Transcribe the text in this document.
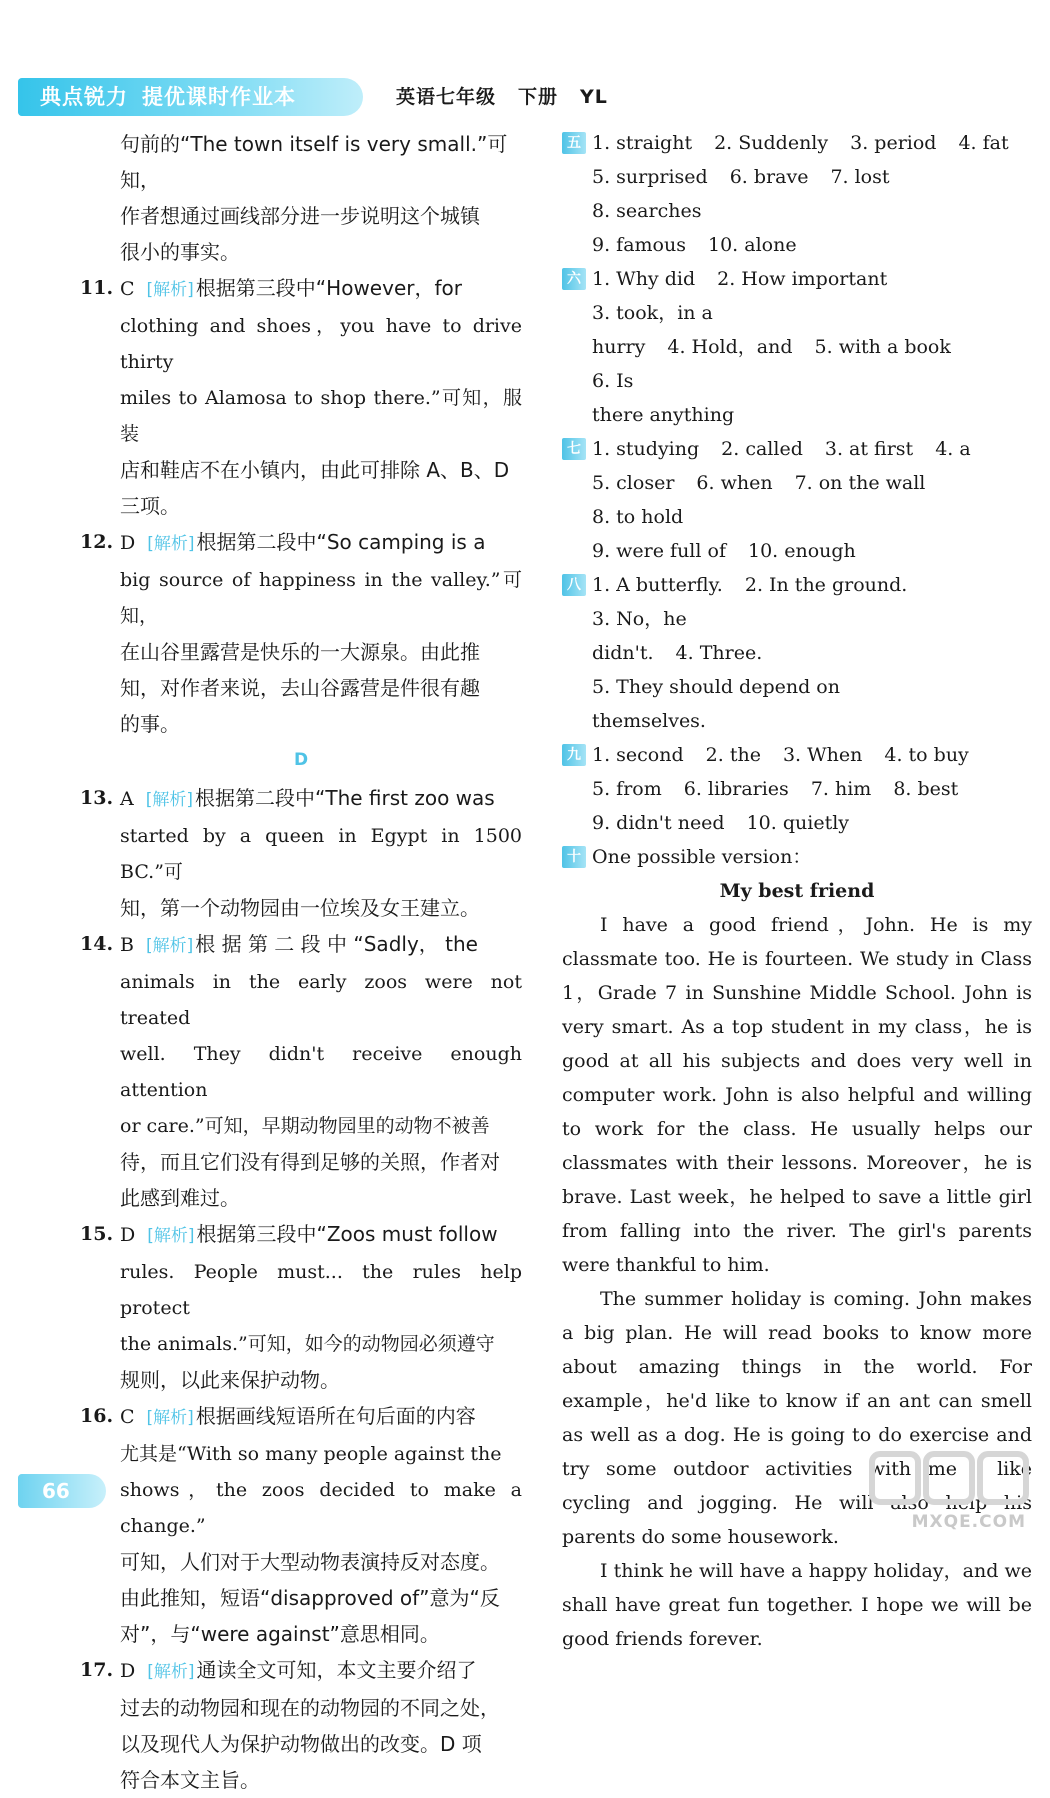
典点锐力 提优课时作业本	英语七年级 下册 YL
句前的“The town itself is very small.”可知，
作者想通过画线部分进一步说明这个城镇
很小的事实。
11. C [解析] 根据第三段中“However，for
clothing and shoes，you have to drive thirty
miles to Alamosa to shop there.”可知，服装
店和鞋店不在小镇内，由此可排除 A、B、D
三项。
12. D [解析] 根据第二段中“So camping is a
big source of happiness in the valley.”可知，
在山谷里露营是快乐的一大源泉。由此推
知，对作者来说，去山谷露营是件很有趣
的事。
D
13. A [解析] 根据第二段中“The first zoo was
started by a queen in Egypt in 1500 BC.”可
知，第一个动物园由一位埃及女王建立。
14. B [解析] 根 据 第 二 段 中 “Sadly， the
animals in the early zoos were not treated
well. They didn't receive enough attention
or care.”可知，早期动物园里的动物不被善
待，而且它们没有得到足够的关照，作者对
此感到难过。
15. D [解析] 根据第三段中“Zoos must follow
rules. People must... the rules help protect
the animals.”可知，如今的动物园必须遵守
规则，以此来保护动物。
16. C [解析] 根据画线短语所在句后面的内容
尤其是“With so many people against the
shows，the zoos decided to make a change.”
可知，人们对于大型动物表演持反对态度。
由此推知，短语“disapproved of”意为“反
对”，与“were against”意思相同。
17. D [解析] 通读全文可知，本文主要介绍了
过去的动物园和现在的动物园的不同之处，
以及现代人为保护动物做出的改变。D 项
符合本文主旨。
五 1. straight 2. Suddenly 3. period 4. fat
5. surprised 6. brave 7. lost
8. searches
9. famous 10. alone
六 1. Why did 2. How important
3. took，in a
hurry 4. Hold，and 5. with a book
6. Is
there anything
七 1. studying 2. called 3. at first 4. a
5. closer 6. when 7. on the wall
8. to hold
9. were full of 10. enough
八 1. A butterfly. 2. In the ground.
3. No，he
didn't. 4. Three.
5. They should depend on
themselves.
九 1. second 2. the 3. When 4. to buy
5. from 6. libraries 7. him 8. best
9. didn't need 10. quietly
十 One possible version：
My best friend

I have a good friend，John. He is my classmate too. He is fourteen. We study in Class 1，Grade 7 in Sunshine Middle School. John is very smart. As a top student in my class，he is good at all his subjects and does very well in computer work. John is also helpful and willing to work for the class. He usually helps our classmates with their lessons. Moreover，he is brave. Last week，he helped to save a little girl from falling into the river. The girl's parents were thankful to him.

The summer holiday is coming. John makes a big plan. He will read books to know more about amazing things in the world. For example，he'd like to know if an ant can smell as well as a dog. He is going to do exercise and try some outdoor activities with me，like cycling and jogging. He will also help his parents do some housework.

I think he will have a happy holiday，and we shall have great fun together. I hope we will be good friends forever.

66
MXQE.COM
